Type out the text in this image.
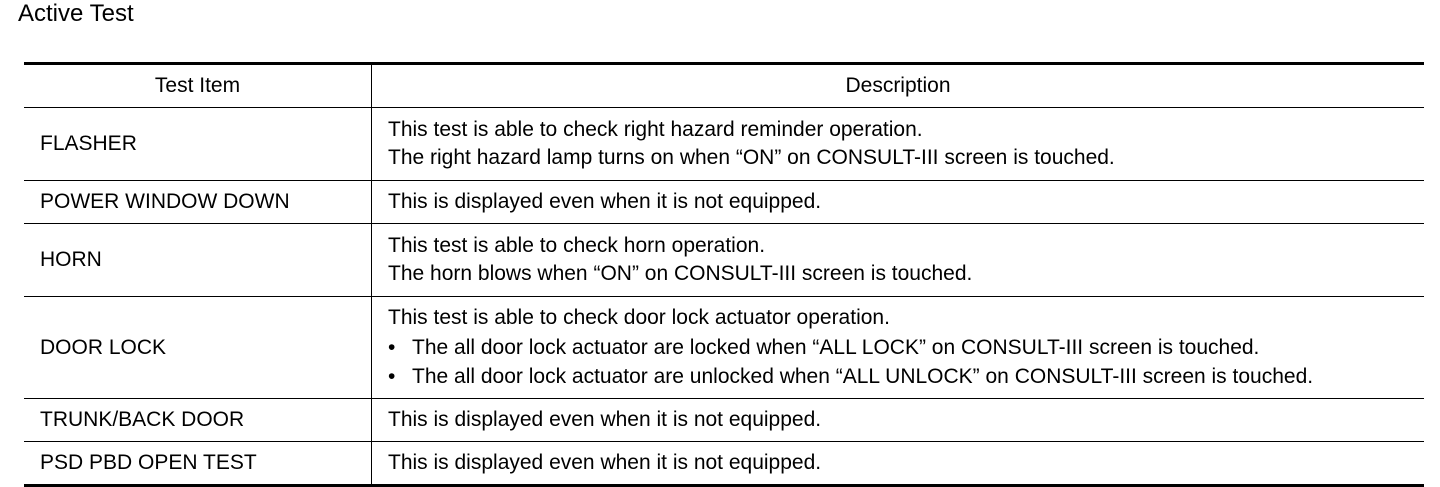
Active Test
Test Item	Description
FLASHER	This test is able to check right hazard reminder operation.
The right hazard lamp turns on when “ON” on CONSULT-III screen is touched.

POWER WINDOW DOWN	This is displayed even when it is not equipped.

HORN	This test is able to check horn operation.
The horn blows when “ON” on CONSULT-III screen is touched.

DOOR LOCK	This test is able to check door lock actuator operation.
• The all door lock actuator are locked when “ALL LOCK” on CONSULT-III screen is touched.
• The all door lock actuator are unlocked when “ALL UNLOCK” on CONSULT-III screen is touched.

TRUNK/BACK DOOR	This is displayed even when it is not equipped.

PSD PBD OPEN TEST	This is displayed even when it is not equipped.
